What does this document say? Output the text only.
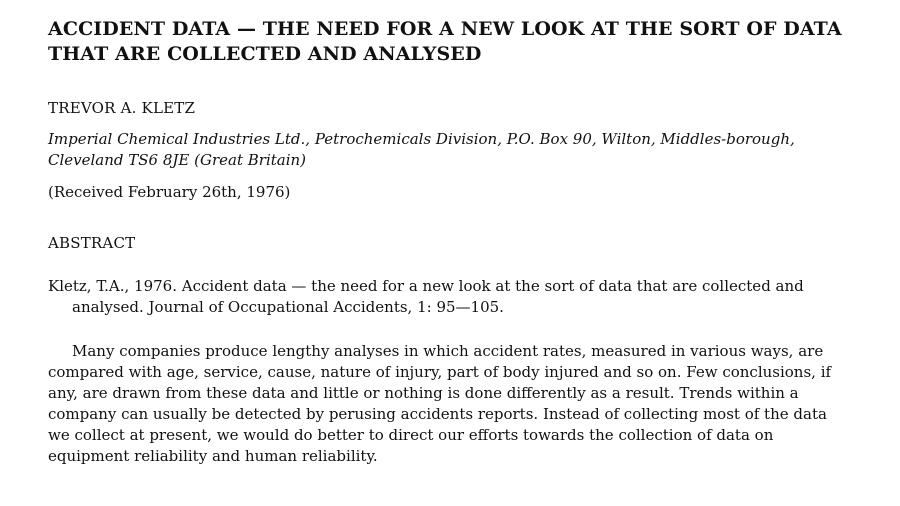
ACCIDENT DATA — THE NEED FOR A NEW LOOK AT THE SORT OF DATA THAT ARE COLLECTED AND ANALYSED

TREVOR A. KLETZ

Imperial Chemical Industries Ltd., Petrochemicals Division, P.O. Box 90, Wilton, Middles-borough, Cleveland TS6 8JE (Great Britain)

(Received February 26th, 1976)

ABSTRACT

Kletz, T.A., 1976. Accident data — the need for a new look at the sort of data that are collected and analysed. Journal of Occupational Accidents, 1: 95—105.

Many companies produce lengthy analyses in which accident rates, measured in various ways, are compared with age, service, cause, nature of injury, part of body injured and so on. Few conclusions, if any, are drawn from these data and little or nothing is done differently as a result. Trends within a company can usually be detected by perusing accidents reports. Instead of collecting most of the data we collect at present, we would do better to direct our efforts towards the collection of data on equipment reliability and human reliability.
